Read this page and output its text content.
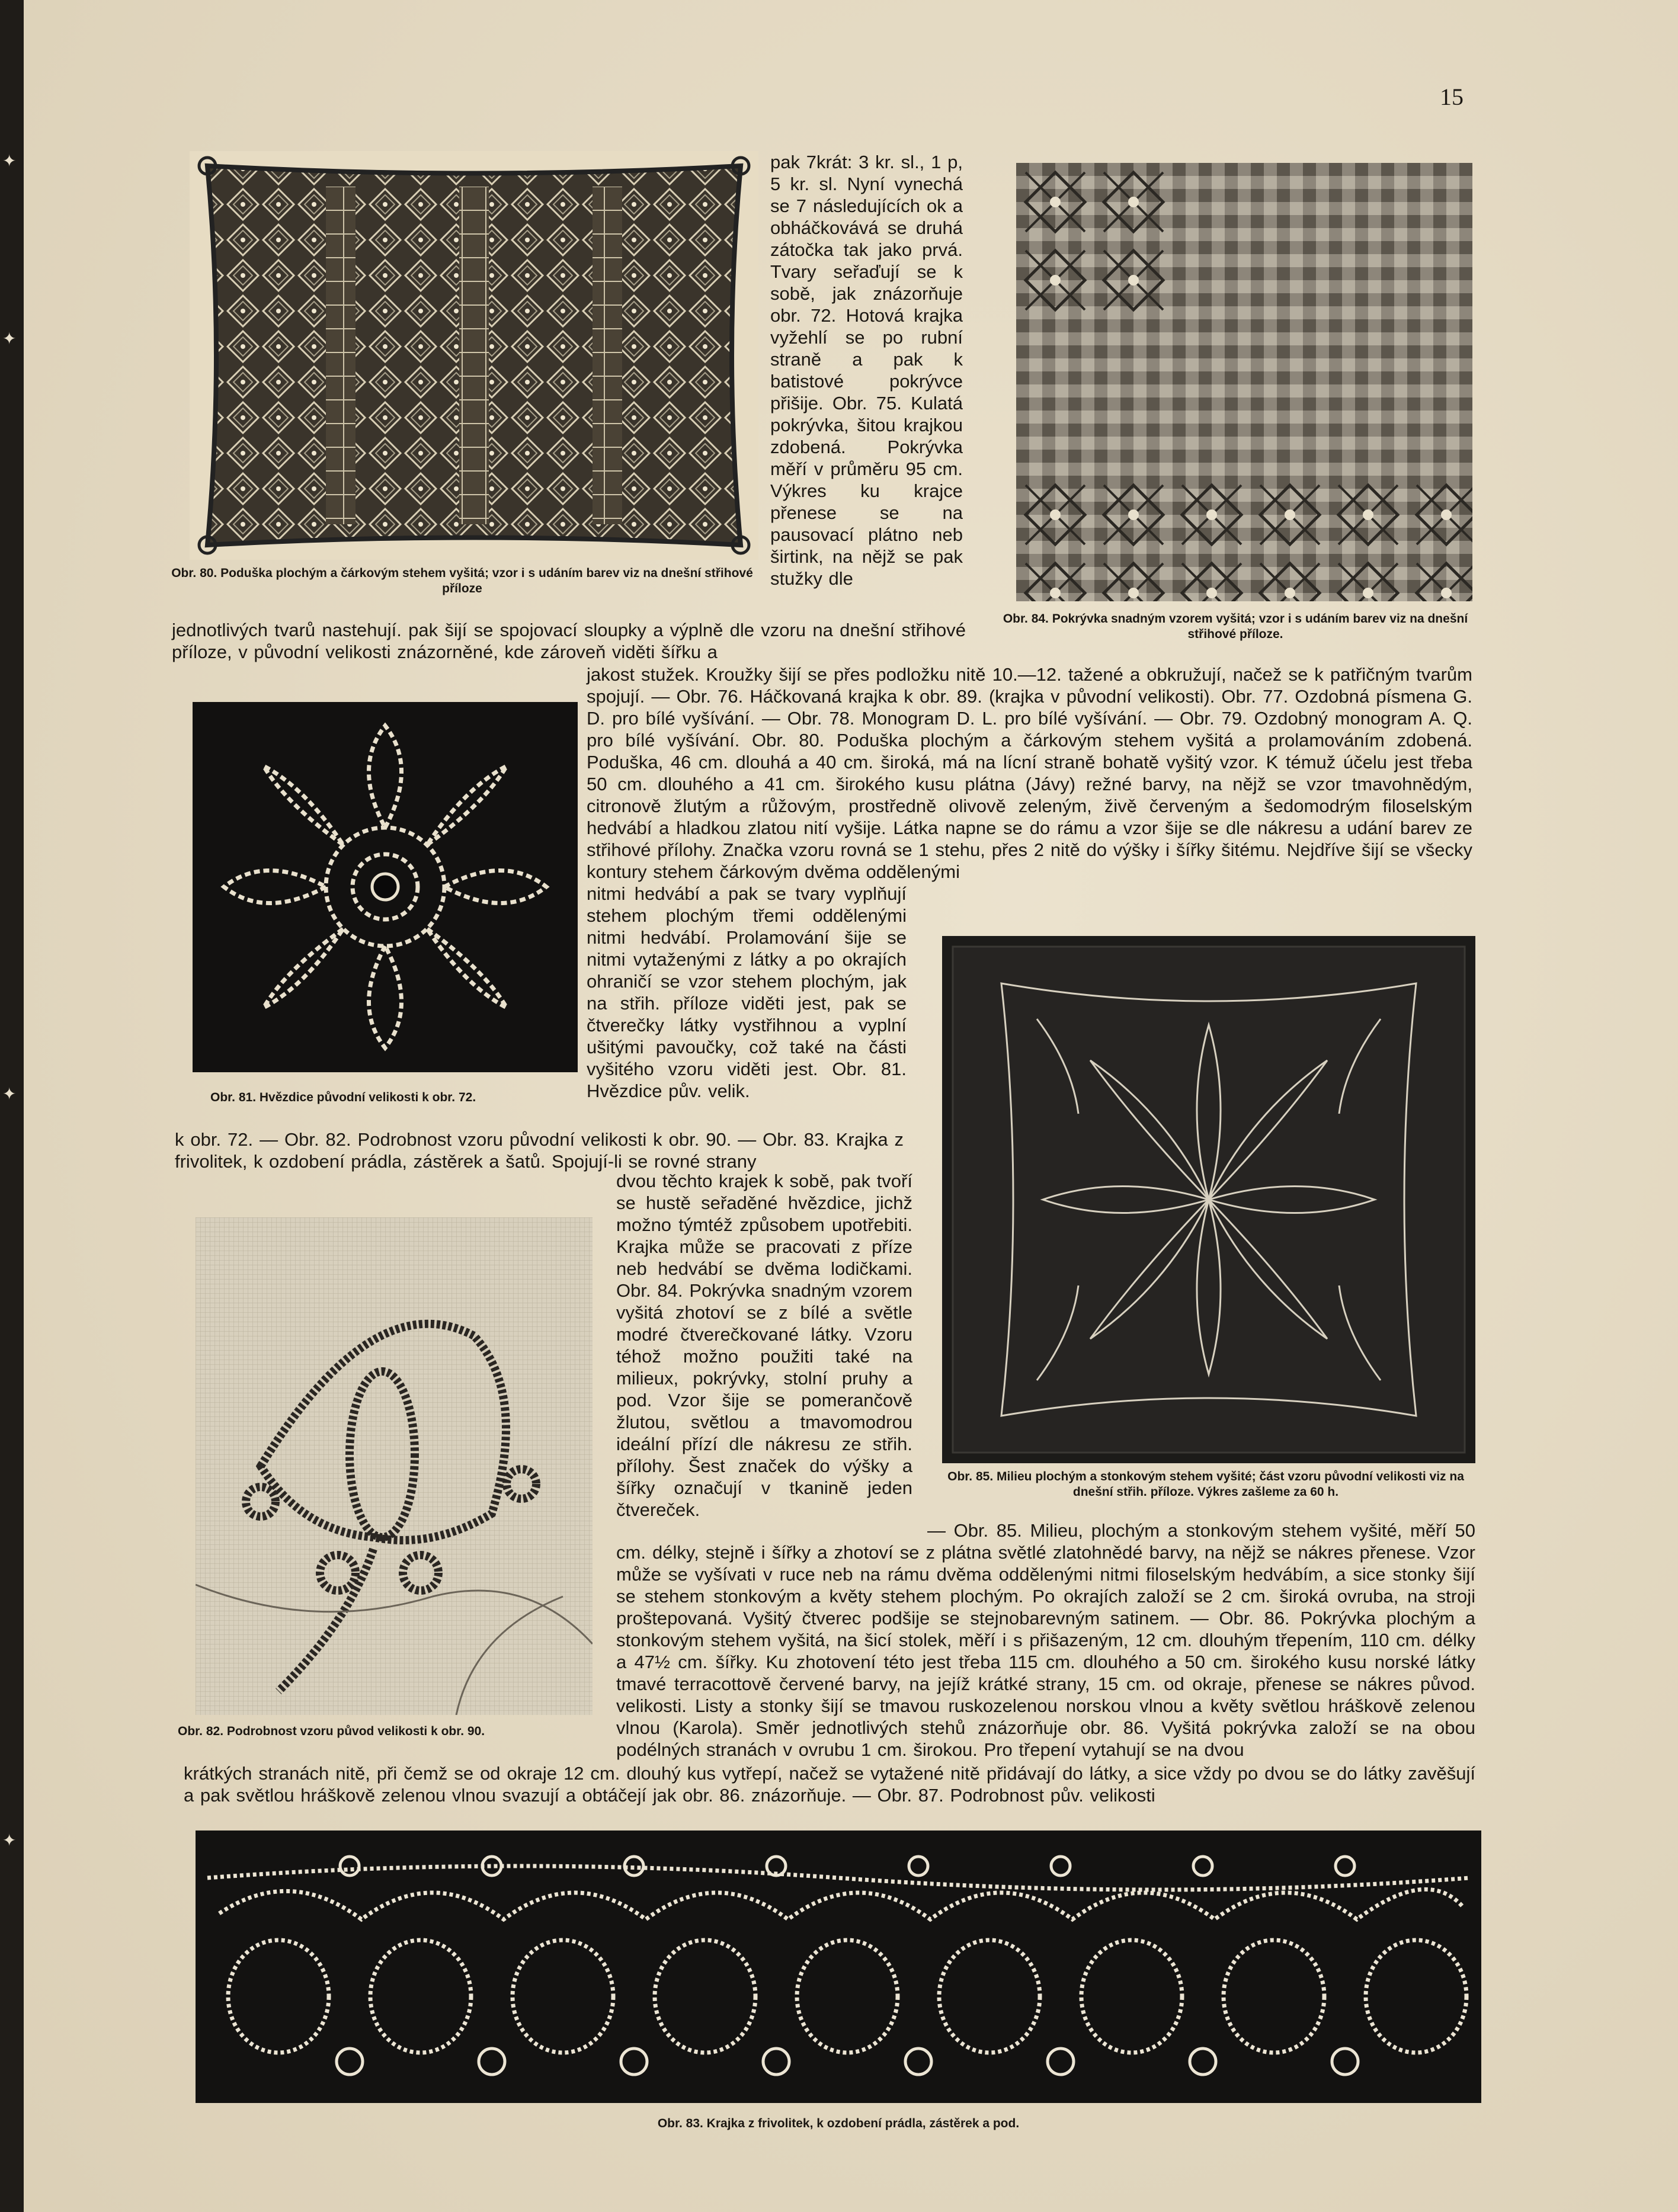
✦
✦
✦
✦
15
Obr. 80. Poduška plochým a čárkovým stehem vyšitá; vzor i s udáním barev viz na dnešní střihové příloze
pak 7krát: 3 kr. sl., 1 p, 5 kr. sl. Nyní vynechá se 7 následujících ok a obháčkovává se druhá zátočka tak jako prvá. Tvary seřaďují se k sobě, jak znázorňuje obr. 72. Hotová krajka vyžehlí se po rubní straně a pak k batistové pokrývce přišije. Obr. 75. Kulatá pokrývka, šitou krajkou zdobená. Pokrývka měří v průměru 95 cm. Výkres ku krajce přenese se na pausovací plátno neb širtink, na nějž se pak stužky dle
Obr. 84. Pokrývka snadným vzorem vyšitá; vzor i s udáním barev viz na dnešní střihové příloze.
jednotlivých tvarů nastehují. pak šijí se spojovací sloupky a výplně dle vzoru na dnešní střihové příloze, v původní velikosti znázorněné, kde zároveň viděti šířku a
Obr. 81. Hvězdice původní velikosti k obr. 72.
jakost stužek. Kroužky šijí se přes podložku nitě 10.—12. tažené a obkružují, načež se k patřičným tvarům spojují. — Obr. 76. Háčkovaná krajka k obr. 89. (krajka v původní velikosti). Obr. 77. Ozdobná písmena G. D. pro bílé vyšívání. — Obr. 78. Monogram D. L. pro bílé vyšívání. — Obr. 79. Ozdobný monogram A. Q. pro bílé vyšívání. Obr. 80. Poduška plochým a čárkovým stehem vyšitá a prolamováním zdobená. Poduška, 46 cm. dlouhá a 40 cm. široká, má na lícní straně bohatě vyšitý vzor. K témuž účelu jest třeba 50 cm. dlouhého a 41 cm. širokého kusu plátna (Jávy) režné barvy, na nějž se vzor tmavohnědým, citronově žlutým a růžovým, prostředně olivově zeleným, živě červeným a šedomodrým filoselským hedvábí a hladkou zlatou nití vyšije. Látka napne se do rámu a vzor šije se dle nákresu a udání barev ze střihové přílohy. Značka vzoru rovná se 1 stehu, přes 2 nitě do výšky i šířky šitému. Nejdříve šijí se všecky kontury stehem čárkovým dvěma oddělenými
nitmi hedvábí a pak se tvary vyplňují stehem plochým třemi oddělenými nitmi hedvábí. Prolamování šije se nitmi vytaženými z látky a po okrajích ohraničí se vzor stehem plochým, jak na střih. příloze viděti jest, pak se čtverečky látky vystřihnou a vyplní ušitými pavoučky, což také na části vyšitého vzoru viděti jest. Obr. 81. Hvězdice pův. velik.
Obr. 85. Milieu plochým a stonkovým stehem vyšité; část vzoru původní velikosti viz na dnešní střih. příloze. Výkres zašleme za 60 h.
k obr. 72. — Obr. 82. Podrobnost vzoru původní velikosti k obr. 90. — Obr. 83. Krajka z frivolitek, k ozdobení prádla, zástěrek a šatů. Spojují-li se rovné strany
Obr. 82. Podrobnost vzoru původ velikosti k obr. 90.
dvou těchto krajek k sobě, pak tvoří se hustě seřaděné hvězdice, jichž možno týmtéž způsobem upotřebiti. Krajka může se pracovati z příze neb hedvábí se dvěma lodičkami. Obr. 84. Pokrývka snadným vzorem vyšitá zhotoví se z bílé a světle modré čtverečkované látky. Vzoru téhož možno použiti také na milieux, pokrývky, stolní pruhy a pod. Vzor šije se pomerančově žlutou, světlou a tmavomodrou ideální přízí dle nákresu ze střih. přílohy. Šest značek do výšky a šířky označují v tkanině jeden čtvereček.
— Obr. 85. Milieu, plochým a stonkovým stehem vyšité, měří 50 cm. délky, stejně i šířky a zhotoví se z plátna světlé zlatohnědé barvy, na nějž se nákres přenese. Vzor může se vyšívati v ruce neb na rámu dvěma oddělenými nitmi filoselským hedvábím, a sice stonky šijí se stehem stonkovým a květy stehem plochým. Po okrajích založí se 2 cm. široká ovruba, na stroji proštepovaná. Vyšitý čtverec podšije se stejnobarevným satinem. — Obr. 86. Pokrývka plochým a stonkovým stehem vyšitá, na šicí stolek, měří i s přišazeným, 12 cm. dlouhým třepením, 110 cm. délky a 47½ cm. šířky. Ku zhotovení této jest třeba 115 cm. dlouhého a 50 cm. širokého kusu norské látky tmavé terracottově červené barvy, na jejíž krátké strany, 15 cm. od okraje, přenese se nákres původ. velikosti. Listy a stonky šijí se tmavou ruskozelenou norskou vlnou a květy světlou hráškově zelenou vlnou (Karola). Směr jednotlivých stehů znázorňuje obr. 86. Vyšitá pokrývka založí se na obou podélných stranách v ovrubu 1 cm. širokou. Pro třepení vytahují se na dvou
krátkých stranách nitě, při čemž se od okraje 12 cm. dlouhý kus vytřepí, načež se vytažené nitě přidávají do látky, a sice vždy po dvou se do látky zavěšují a pak světlou hráškově zelenou vlnou svazují a obtáčejí jak obr. 86. znázorňuje. — Obr. 87. Podrobnost pův. velikosti
Obr. 83. Krajka z frivolitek, k ozdobení prádla, zástěrek a pod.
